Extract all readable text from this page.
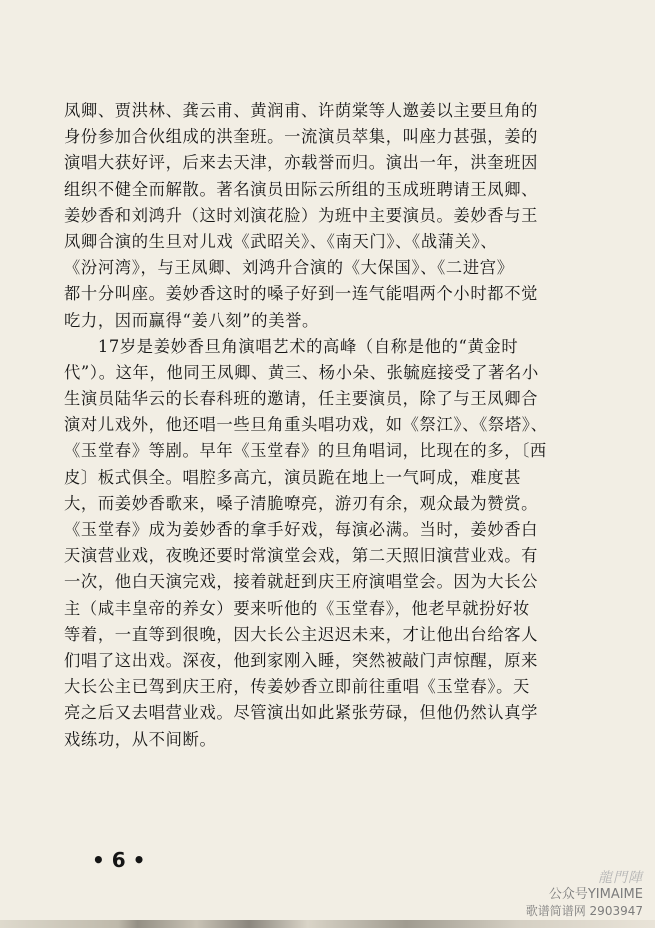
凤卿、贾洪林、龚云甫、黄润甫、许荫棠等人邀姜以主要旦角的
身份参加合伙组成的洪奎班。一流演员萃集，叫座力甚强，姜的
演唱大获好评，后来去天津，亦载誉而归。演出一年，洪奎班因
组织不健全而解散。著名演员田际云所组的玉成班聘请王凤卿、
姜妙香和刘鸿升（这时刘演花脸）为班中主要演员。姜妙香与王
凤卿合演的生旦对儿戏《武昭关》、《南天门》、《战蒲关》、
《汾河湾》，与王凤卿、刘鸿升合演的《大保国》、《二进宫》
都十分叫座。姜妙香这时的嗓子好到一连气能唱两个小时都不觉
吃力，因而赢得“姜八刻”的美誉。
　　17岁是姜妙香旦角演唱艺术的高峰（自称是他的“黄金时
代”）。这年，他同王凤卿、黄三、杨小朵、张毓庭接受了著名小
生演员陆华云的长春科班的邀请，任主要演员，除了与王凤卿合
演对儿戏外，他还唱一些旦角重头唱功戏，如《祭江》、《祭塔》、
《玉堂春》等剧。早年《玉堂春》的旦角唱词，比现在的多，〔西
皮〕板式俱全。唱腔多高亢，演员跪在地上一气呵成，难度甚
大，而姜妙香歌来，嗓子清脆嘹亮，游刃有余，观众最为赞赏。
《玉堂春》成为姜妙香的拿手好戏，每演必满。当时，姜妙香白
天演营业戏，夜晚还要时常演堂会戏，第二天照旧演营业戏。有
一次，他白天演完戏，接着就赶到庆王府演唱堂会。因为大长公
主（咸丰皇帝的养女）要来听他的《玉堂春》，他老早就扮好妆
等着，一直等到很晚，因大长公主迟迟未来，才让他出台给客人
们唱了这出戏。深夜，他到家刚入睡，突然被敲门声惊醒，原来
大长公主已驾到庆王府，传姜妙香立即前往重唱《玉堂春》。天
亮之后又去唱营业戏。尽管演出如此紧张劳碌，但他仍然认真学
戏练功，从不间断。
• 6 •
龍門陣
公众号YIMAIME
歌谱简谱网 2903947
